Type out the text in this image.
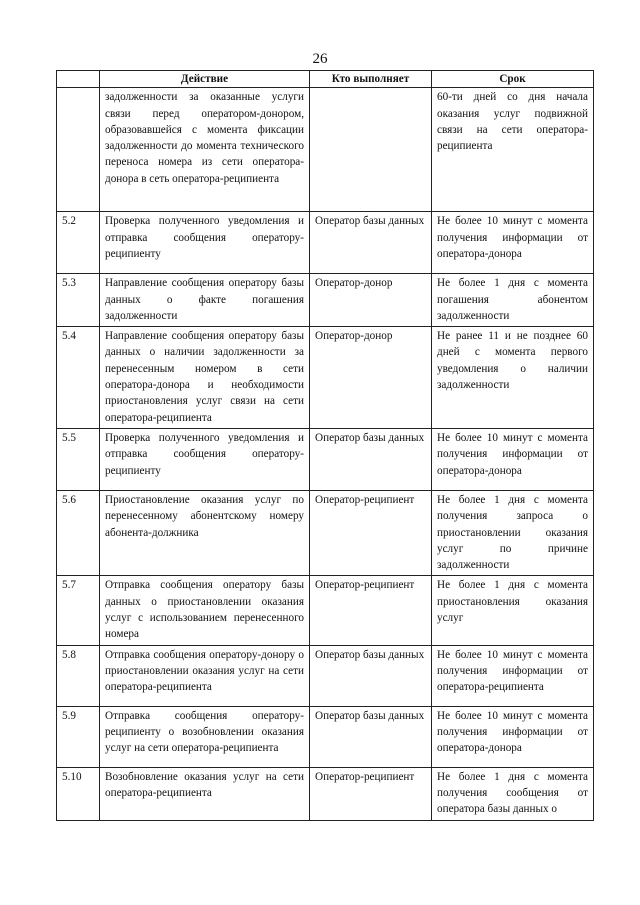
26
	Действие	Кто выполняет	Срок
	задолженности за оказанные услуги связи перед оператором-донором, образовавшейся с момента фиксации задолженности до момента технического переноса номера из сети оператора-донора в сеть оператора-реципиента		60-ти дней со дня начала оказания услуг подвижной связи на сети оператора-реципиента
5.2	Проверка полученного уведомления и отправка сообщения оператору-реципиенту	Оператор базы данных	Не более 10 минут с момента получения информации от оператора-донора
5.3	Направление сообщения оператору базы данных о факте погашения задолженности	Оператор-донор	Не более 1 дня с момента погашения абонентом задолженности
5.4	Направление сообщения оператору базы данных о наличии задолженности за перенесенным номером в сети оператора-донора и необходимости приостановления услуг связи на сети оператора-реципиента	Оператор-донор	Не ранее 11 и не позднее 60 дней с момента первого уведомления о наличии задолженности
5.5	Проверка полученного уведомления и отправка сообщения оператору-реципиенту	Оператор базы данных	Не более 10 минут с момента получения информации от оператора-донора
5.6	Приостановление оказания услуг по перенесенному абонентскому номеру абонента-должника	Оператор-реципиент	Не более 1 дня с момента получения запроса о приостановлении оказания услуг по причине задолженности
5.7	Отправка сообщения оператору базы данных о приостановлении оказания услуг с использованием перенесенного номера	Оператор-реципиент	Не более 1 дня с момента приостановления оказания услуг
5.8	Отправка сообщения оператору-донору о приостановлении оказания услуг на сети оператора-реципиента	Оператор базы данных	Не более 10 минут с момента получения информации от оператора-реципиента
5.9	Отправка сообщения оператору-реципиенту о возобновлении оказания услуг на сети оператора-реципиента	Оператор базы данных	Не более 10 минут с момента получения информации от оператора-донора
5.10	Возобновление оказания услуг на сети оператора-реципиента	Оператор-реципиент	Не более 1 дня с момента получения сообщения от оператора базы данных о
